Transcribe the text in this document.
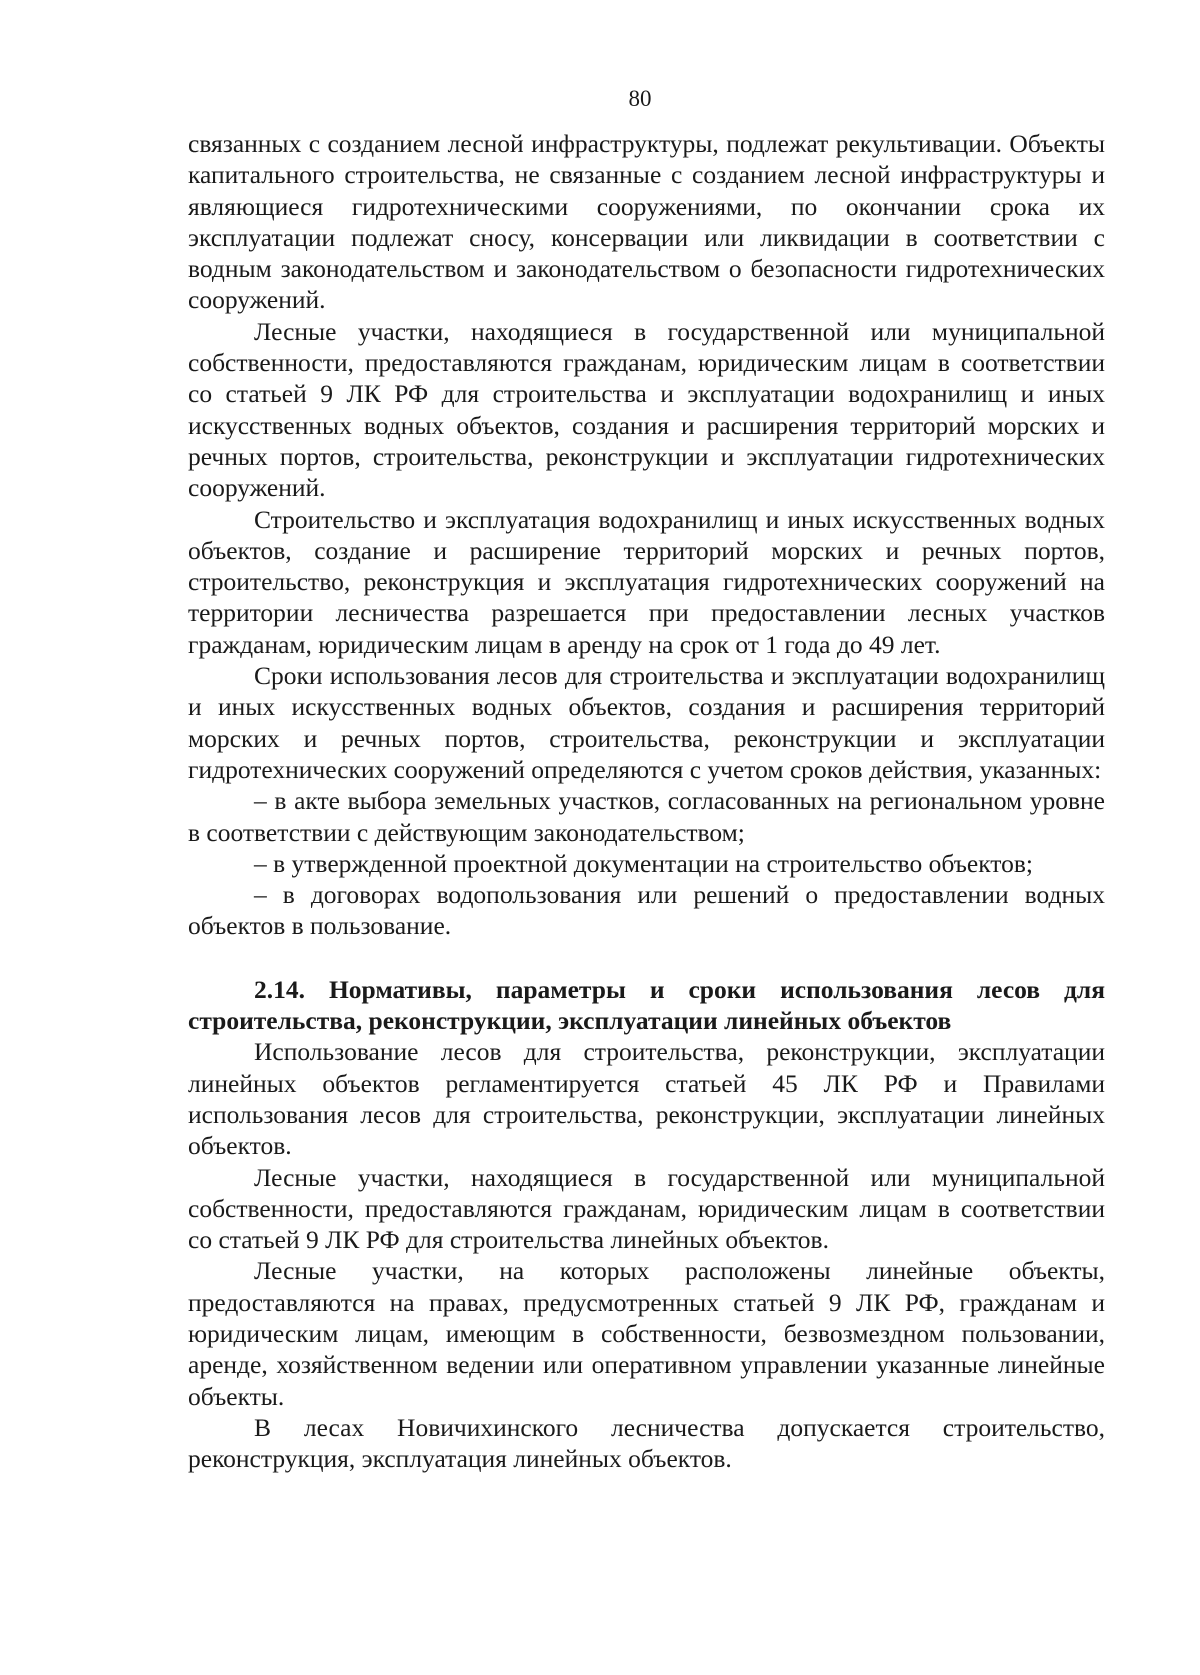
80

связанных с созданием лесной инфраструктуры, подлежат рекультивации. Объекты капитального строительства, не связанные с созданием лесной инфраструктуры и являющиеся гидротехническими сооружениями, по окончании срока их эксплуатации подлежат сносу, консервации или ликвидации в соответствии с водным законодательством и законодательством о безопасности гидротехнических сооружений.

Лесные участки, находящиеся в государственной или муниципальной собственности, предоставляются гражданам, юридическим лицам в соответствии со статьей 9 ЛК РФ для строительства и эксплуатации водохранилищ и иных искусственных водных объектов, создания и расширения территорий морских и речных портов, строительства, реконструкции и эксплуатации гидротехнических сооружений.

Строительство и эксплуатация водохранилищ и иных искусственных водных объектов, создание и расширение территорий морских и речных портов, строительство, реконструкция и эксплуатация гидротехнических сооружений на территории лесничества разрешается при предоставлении лесных участков гражданам, юридическим лицам в аренду на срок от 1 года до 49 лет.

Сроки использования лесов для строительства и эксплуатации водохранилищ и иных искусственных водных объектов, создания и расширения территорий морских и речных портов, строительства, реконструкции и эксплуатации гидротехнических сооружений определяются с учетом сроков действия, указанных:

– в акте выбора земельных участков, согласованных на региональном уровне в соответствии с действующим законодательством;

– в утвержденной проектной документации на строительство объектов;

– в договорах водопользования или решений о предоставлении водных объектов в пользование.

2.14. Нормативы, параметры и сроки использования лесов для строительства, реконструкции, эксплуатации линейных объектов

Использование лесов для строительства, реконструкции, эксплуатации линейных объектов регламентируется статьей 45 ЛК РФ и Правилами использования лесов для строительства, реконструкции, эксплуатации линейных объектов.

Лесные участки, находящиеся в государственной или муниципальной собственности, предоставляются гражданам, юридическим лицам в соответствии со статьей 9 ЛК РФ для строительства линейных объектов.

Лесные участки, на которых расположены линейные объекты, предоставляются на правах, предусмотренных статьей 9 ЛК РФ, гражданам и юридическим лицам, имеющим в собственности, безвозмездном пользовании, аренде, хозяйственном ведении или оперативном управлении указанные линейные объекты.

В лесах Новичихинского лесничества допускается строительство, реконструкция, эксплуатация линейных объектов.
